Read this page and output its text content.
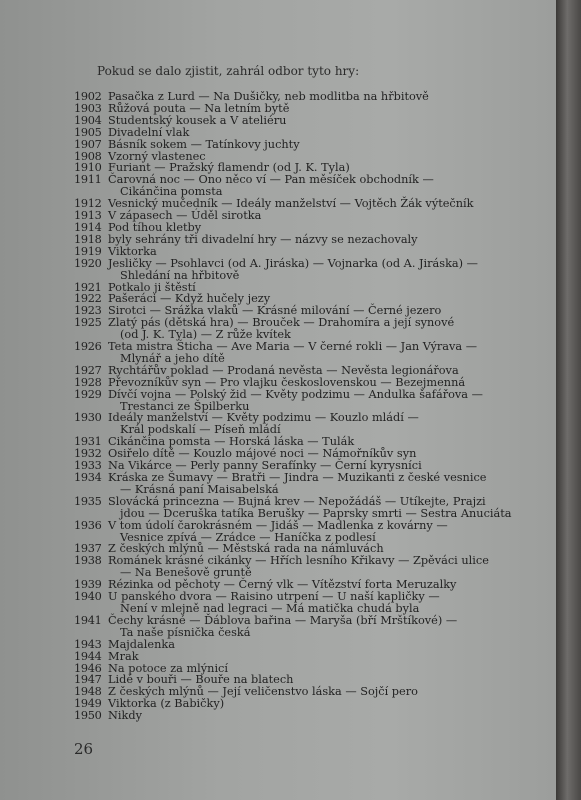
Pokud se dalo zjistit, zahrál odbor tyto hry:
1902 Pasačka z Lurd — Na Dušičky, neb modlitba na hřbitově
1903 Růžová pouta — Na letním bytě
1904 Studentský kousek a V ateliéru
1905 Divadelní vlak
1907 Básník sokem — Tatínkovy juchty
1908 Vzorný vlastenec
1910 Furiant — Pražský flamendr (od J. K. Tyla)
1911 Čarovná noc — Ono něco ví — Pan měsíček obchodník —
Cikánčina pomsta
1912 Vesnický mučedník — Ideály manželství — Vojtěch Žák výtečník
1913 V zápasech — Úděl sirotka
1914 Pod tíhou kletby
1918 byly sehrány tři divadelní hry — názvy se nezachovaly
1919 Viktorka
1920 Jesličky — Psohlavci (od A. Jiráska) — Vojnarka (od A. Jiráska) —
Shledání na hřbitově
1921 Potkalo ji štěstí
1922 Pašeráci — Když hučely jezy
1923 Sirotci — Srážka vlaků — Krásné milování — Černé jezero
1925 Zlatý pás (dětská hra) — Brouček — Drahomíra a její synové
(od J. K. Tyla) — Z růže kvítek
1926 Teta mistra Šticha — Ave Maria — V černé rokli — Jan Výrava —
Mlynář a jeho dítě
1927 Rychtářův poklad — Prodaná nevěsta — Nevěsta legionářova
1928 Převozníkův syn — Pro vlajku československou — Bezejmenná
1929 Dívčí vojna — Polský žid — Květy podzimu — Andulka šafářova —
Trestanci ze Špilberku
1930 Ideály manželství — Květy podzimu — Kouzlo mládí —
Král podskalí — Píseň mládí
1931 Cikánčina pomsta — Horská láska — Tulák
1932 Osiřelo dítě — Kouzlo májové noci — Námořníkův syn
1933 Na Vikárce — Perly panny Serafínky — Černí kyrysníci
1934 Kráska ze Šumavy — Bratři — Jindra — Muzikanti z české vesnice
— Krásná paní Maisabelská
1935 Slovácká princezna — Bujná krev — Nepožádáš — Utíkejte, Prajzi
jdou — Dceruška tatíka Berušky — Paprsky smrti — Sestra Anuciáta
1936 V tom údolí čarokrásném — Jidáš — Madlenka z kovárny —
Vesnice zpívá — Zrádce — Haníčka z podlesí
1937 Z českých mlýnů — Městská rada na námluvách
1938 Románek krásné cikánky — Hřích lesního Křikavy — Zpěváci ulice
— Na Benešově gruntě
1939 Rézinka od pěchoty — Černý vlk — Vítězství forta Meruzalky
1940 U panského dvora — Raisino utrpení — U naší kapličky —
Není v mlejně nad legraci — Má matička chudá byla
1941 Čechy krásné — Ďáblova bařina — Maryša (bří Mrštíkové) —
Ta naše písnička česká
1943 Majdalenka
1944 Mrak
1946 Na potoce za mlýnicí
1947 Lidé v bouři — Bouře na blatech
1948 Z českých mlýnů — Její veličenstvo láska — Sojčí pero
1949 Viktorka (z Babičky)
1950 Nikdy
26
